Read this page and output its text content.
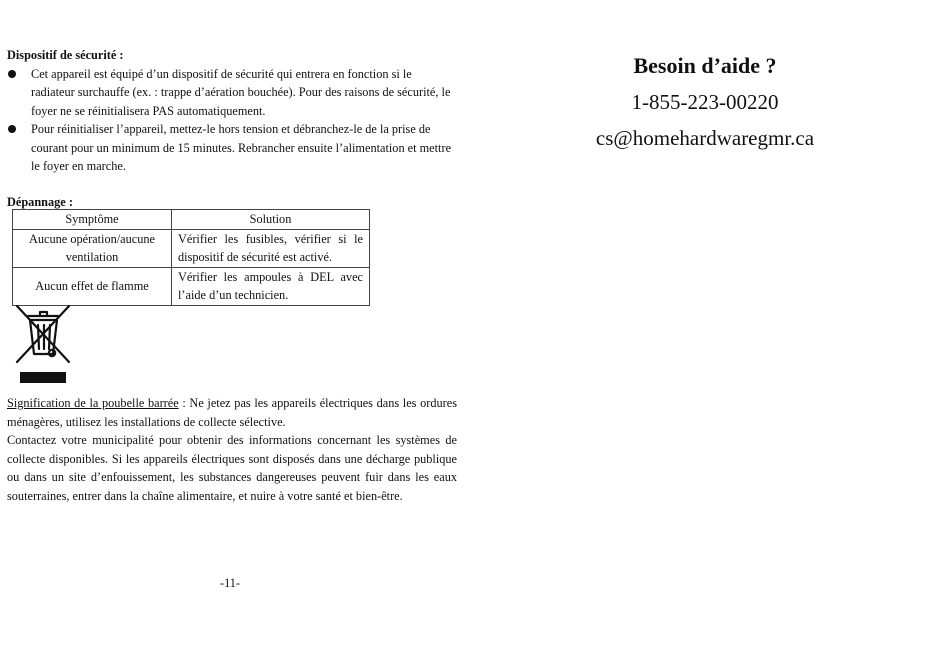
Dispositif de sécurité :

Cet appareil est équipé d’un dispositif de sécurité qui entrera en fonction si le radiateur surchauffe (ex. : trappe d’aération bouchée). Pour des raisons de sécurité, le foyer ne se réinitialisera PAS automatiquement.
Pour réinitialiser l’appareil, mettez-le hors tension et débranchez-le de la prise de courant pour un minimum de 15 minutes. Rebrancher ensuite l’alimentation et mettre le foyer en marche.

Dépannage :

Symptôme	Solution
Aucune opération/aucune ventilation	Vérifier les fusibles, vérifier si le dispositif de sécurité est activé.
Aucun effet de flamme	Vérifier les ampoules à DEL avec l’aide d’un technicien.

Signification de la poubelle barrée : Ne jetez pas les appareils électriques dans les ordures ménagères, utilisez les installations de collecte sélective.

Contactez votre municipalité pour obtenir des informations concernant les systèmes de collecte disponibles. Si les appareils électriques sont disposés dans une décharge publique ou dans un site d’enfouissement, les substances dangereuses peuvent fuir dans les eaux souterraines, entrer dans la chaîne alimentaire, et nuire à votre santé et bien-être.

-11-
Besoin d’aide ?
1-855-223-00220
cs@homehardwaregmr.ca
